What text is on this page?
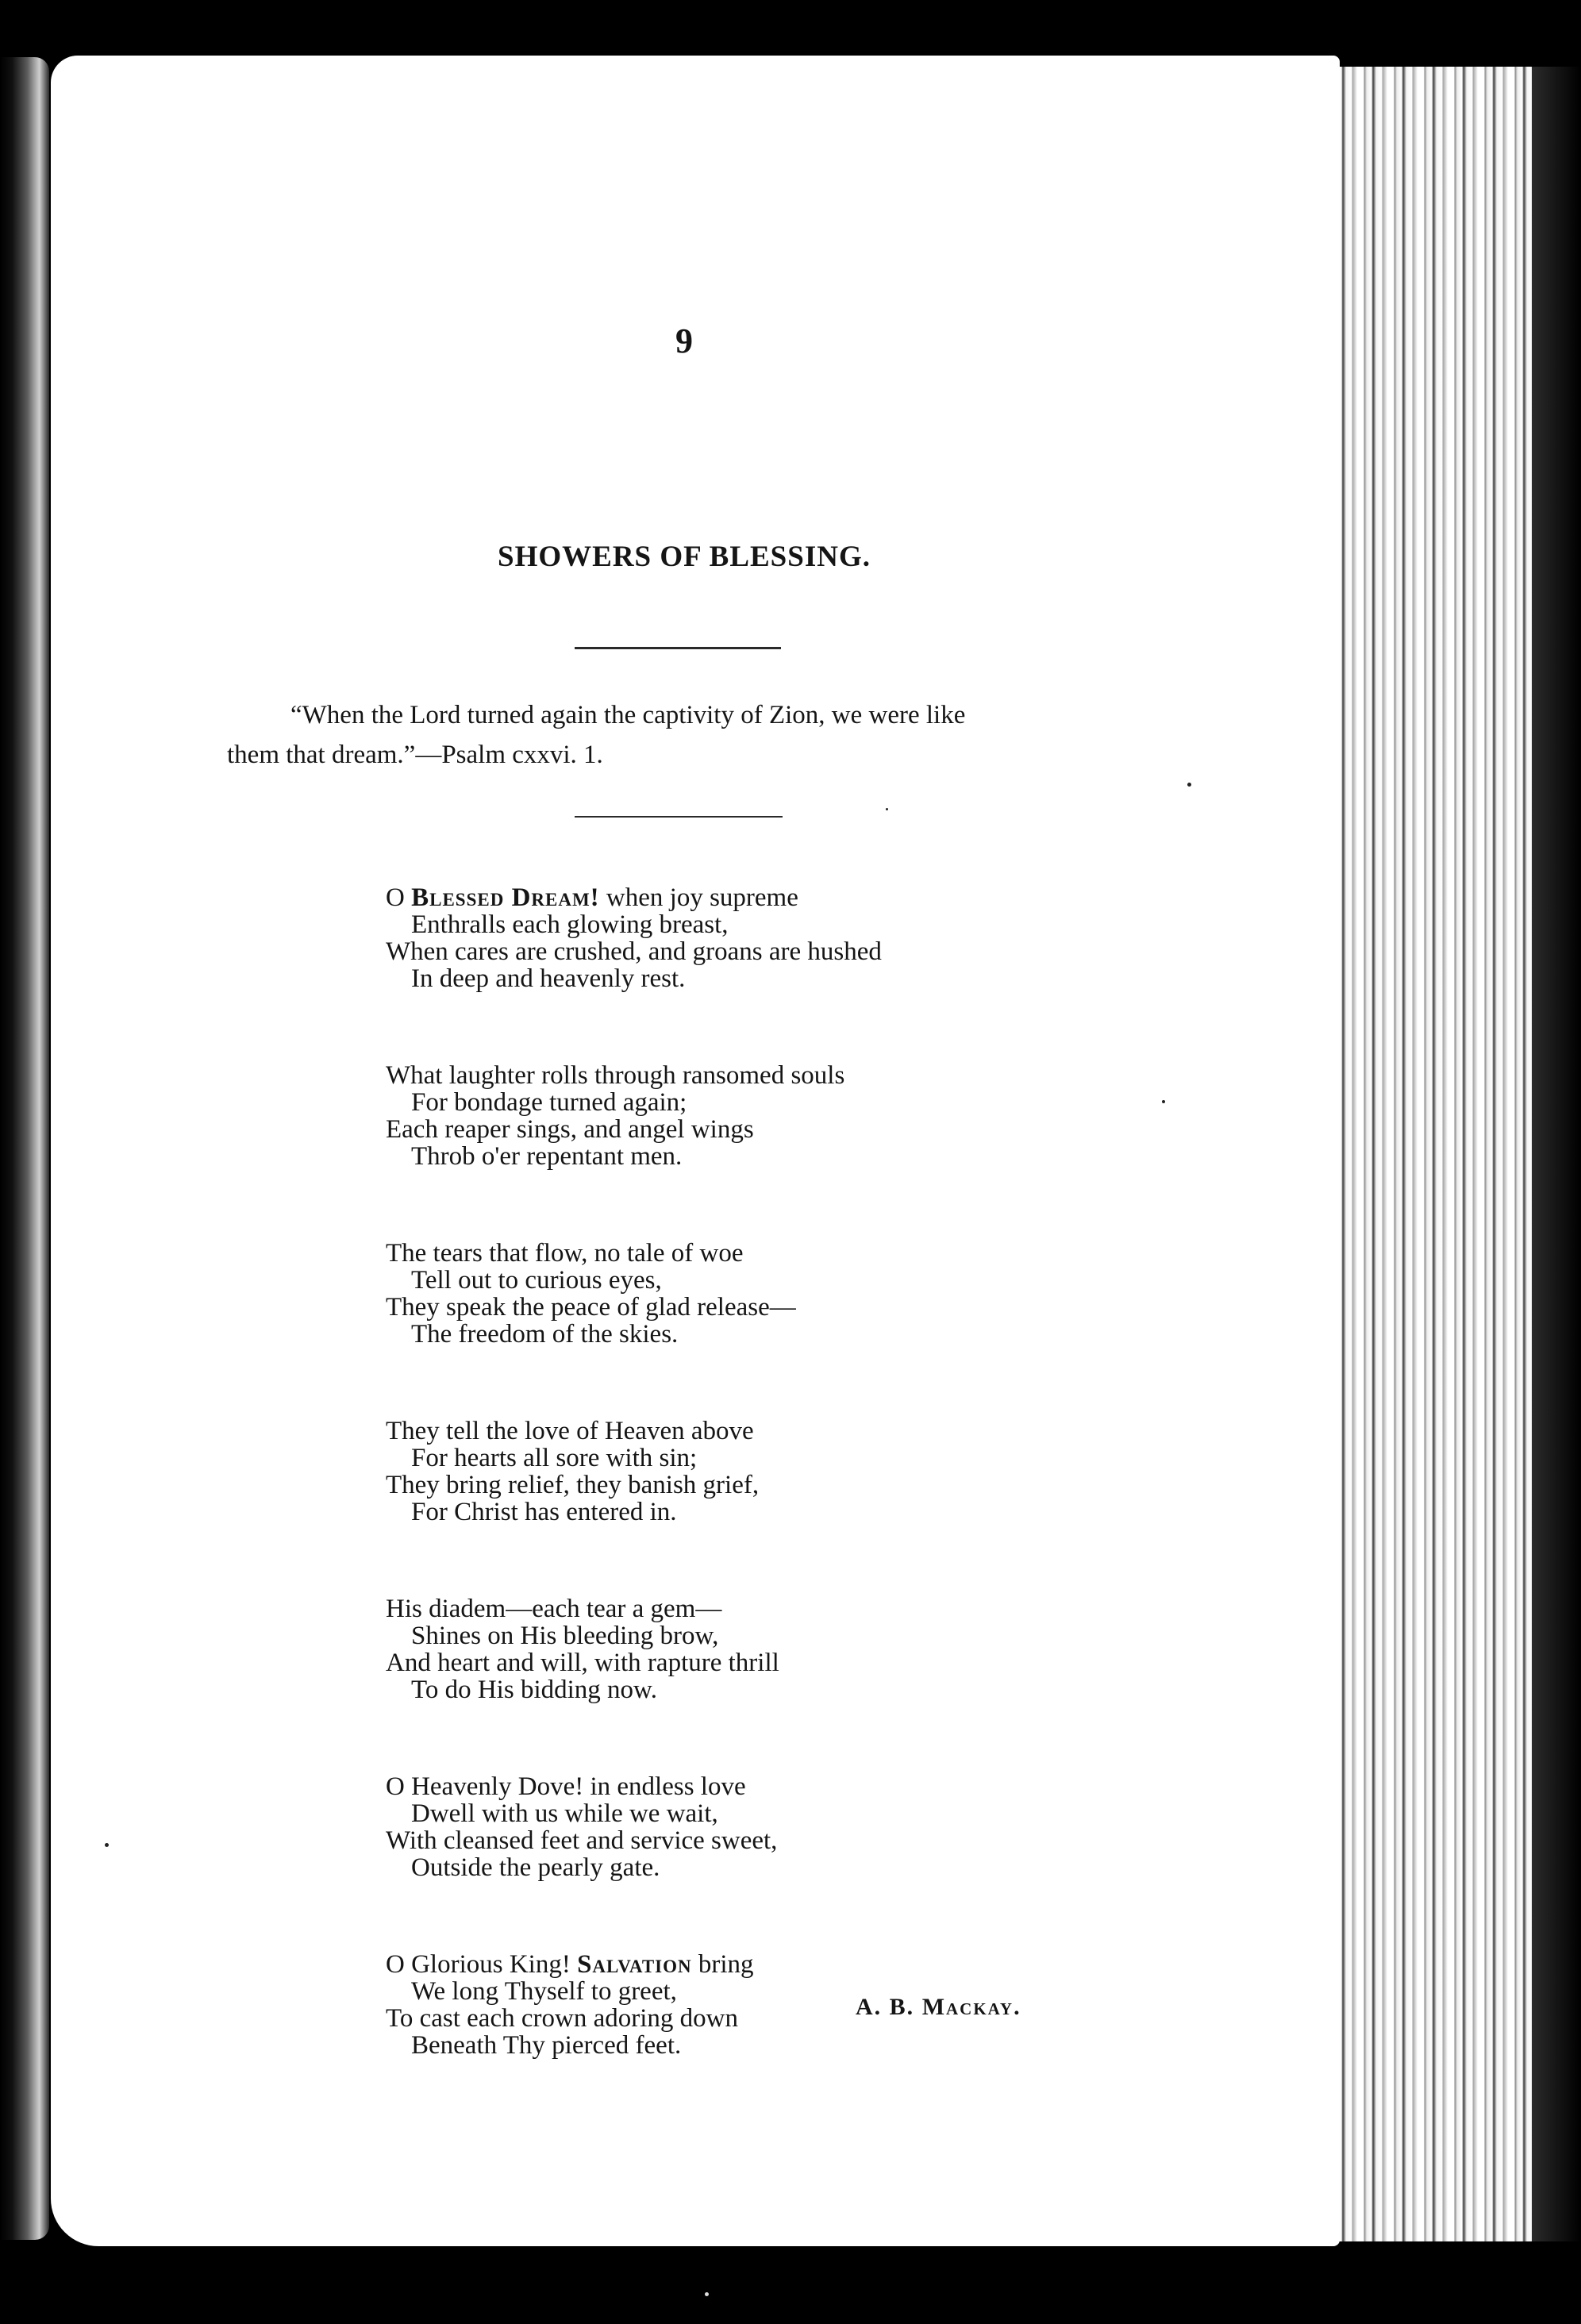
9
SHOWERS OF BLESSING.

“When the Lord turned again the captivity of Zion, we were like
them that dream.”—Psalm cxxvi. 1.

O Blessed Dream! when joy supreme
Enthralls each glowing breast,
When cares are crushed, and groans are hushed
In deep and heavenly rest.
What laughter rolls through ransomed souls
For bondage turned again;
Each reaper sings, and angel wings
Throb o'er repentant men.
The tears that flow, no tale of woe
Tell out to curious eyes,
They speak the peace of glad release—
The freedom of the skies.
They tell the love of Heaven above
For hearts all sore with sin;
They bring relief, they banish grief,
For Christ has entered in.
His diadem—each tear a gem—
Shines on His bleeding brow,
And heart and will, with rapture thrill
To do His bidding now.
O Heavenly Dove! in endless love
Dwell with us while we wait,
With cleansed feet and service sweet,
Outside the pearly gate.
O Glorious King! Salvation bring
We long Thyself to greet,
To cast each crown adoring down
Beneath Thy pierced feet.
A. B. Mackay.
